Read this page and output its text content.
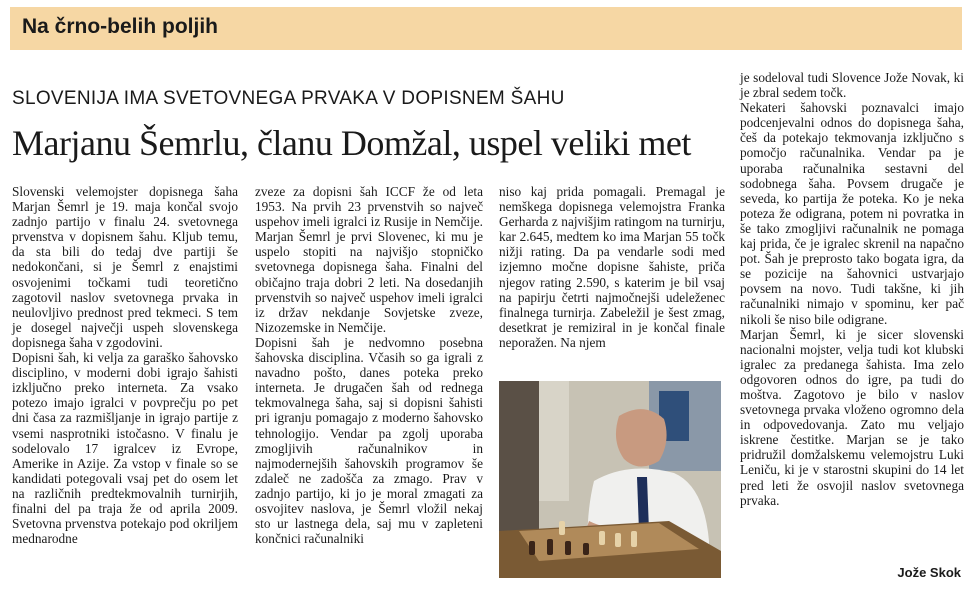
Na črno-belih poljih
SLOVENIJA IMA SVETOVNEGA PRVAKA V DOPISNEM ŠAHU
Marjanu Šemrlu, članu Domžal, uspel veliki met

Slovenski velemojster dopisnega šaha Marjan Šemrl je 19. maja končal svojo zadnjo partijo v finalu 24. svetovnega prvenstva v dopisnem šahu. Kljub temu, da sta bili do tedaj dve partiji še nedokončani, si je Šemrl z enajstimi osvojenimi točkami tudi teoretično zagotovil naslov svetovnega prvaka in neulovljivo prednost pred tekmeci. S tem je dosegel največji uspeh slovenskega dopisnega šaha v zgodovini.

Dopisni šah, ki velja za garaško šahovsko disciplino, v moderni dobi igrajo šahisti izključno preko interneta. Za vsako potezo imajo igralci v povprečju po pet dni časa za razmišljanje in igrajo partije z vsemi nasprotniki istočasno. V finalu je sodelovalo 17 igralcev iz Evrope, Amerike in Azije. Za vstop v finale so se kandidati potegovali vsaj pet do osem let na različnih predtekmovalnih turnirjih, finalni del pa traja že od aprila 2009. Svetovna prvenstva potekajo pod okriljem mednarodne

zveze za dopisni šah ICCF že od leta 1953. Na prvih 23 prvenstvih so največ uspehov imeli igralci iz Rusije in Nemčije. Marjan Šemrl je prvi Slovenec, ki mu je uspelo stopiti na najvišjo stopničko svetovnega dopisnega šaha. Finalni del običajno traja dobri 2 leti. Na dosedanjih prvenstvih so največ uspehov imeli igralci iz držav nekdanje Sovjetske zveze, Nizozemske in Nemčije.

Dopisni šah je nedvomno posebna šahovska disciplina. Včasih so ga igrali z navadno pošto, danes poteka preko interneta. Je drugačen šah od rednega tekmovalnega šaha, saj si dopisni šahisti pri igranju pomagajo z moderno šahovsko tehnologijo. Vendar pa zgolj uporaba zmogljivih računalnikov in najmodernejših šahovskih programov še zdaleč ne zadošča za zmago. Prav v zadnjo partijo, ki jo je moral zmagati za osvojitev naslova, je Šemrl vložil nekaj sto ur lastnega dela, saj mu v zapleteni končnici računalniki

niso kaj prida pomagali. Premagal je nemškega dopisnega velemojstra Franka Gerharda z najvišjim ratingom na turnirju, kar 2.645, medtem ko ima Marjan 55 točk nižji rating. Da pa vendarle sodi med izjemno močne dopisne šahiste, priča njegov rating 2.590, s katerim je bil vsaj na papirju četrti najmočnejši udeleženec finalnega turnirja. Zabeležil je šest zmag, desetkrat je remiziral in je končal finale neporažen. Na njem

je sodeloval tudi Slovence Jože Novak, ki je zbral sedem točk.

Nekateri šahovski poznavalci imajo podcenjevalni odnos do dopisnega šaha, češ da potekajo tekmovanja izključno s pomočjo računalnika. Vendar pa je uporaba računalnika sestavni del sodobnega šaha. Povsem drugače je seveda, ko partija že poteka. Ko je neka poteza že odigrana, potem ni povratka in še tako zmogljivi računalnik ne pomaga kaj prida, če je igralec skrenil na napačno pot. Šah je preprosto tako bogata igra, da se pozicije na šahovnici ustvarjajo povsem na novo. Tudi takšne, ki jih računalniki nimajo v spominu, ker pač nikoli še niso bile odigrane.

Marjan Šemrl, ki je sicer slovenski nacionalni mojster, velja tudi kot klubski igralec za predanega šahista. Ima zelo odgovoren odnos do igre, pa tudi do moštva. Zagotovo je bilo v naslov svetovnega prvaka vloženo ogromno dela in odpovedovanja. Zato mu veljajo iskrene čestitke. Marjan se je tako pridružil domžalskemu velemojstru Luki Leniču, ki je v starostni skupini do 14 let pred leti že osvojil naslov svetovnega prvaka.

Jože Skok
